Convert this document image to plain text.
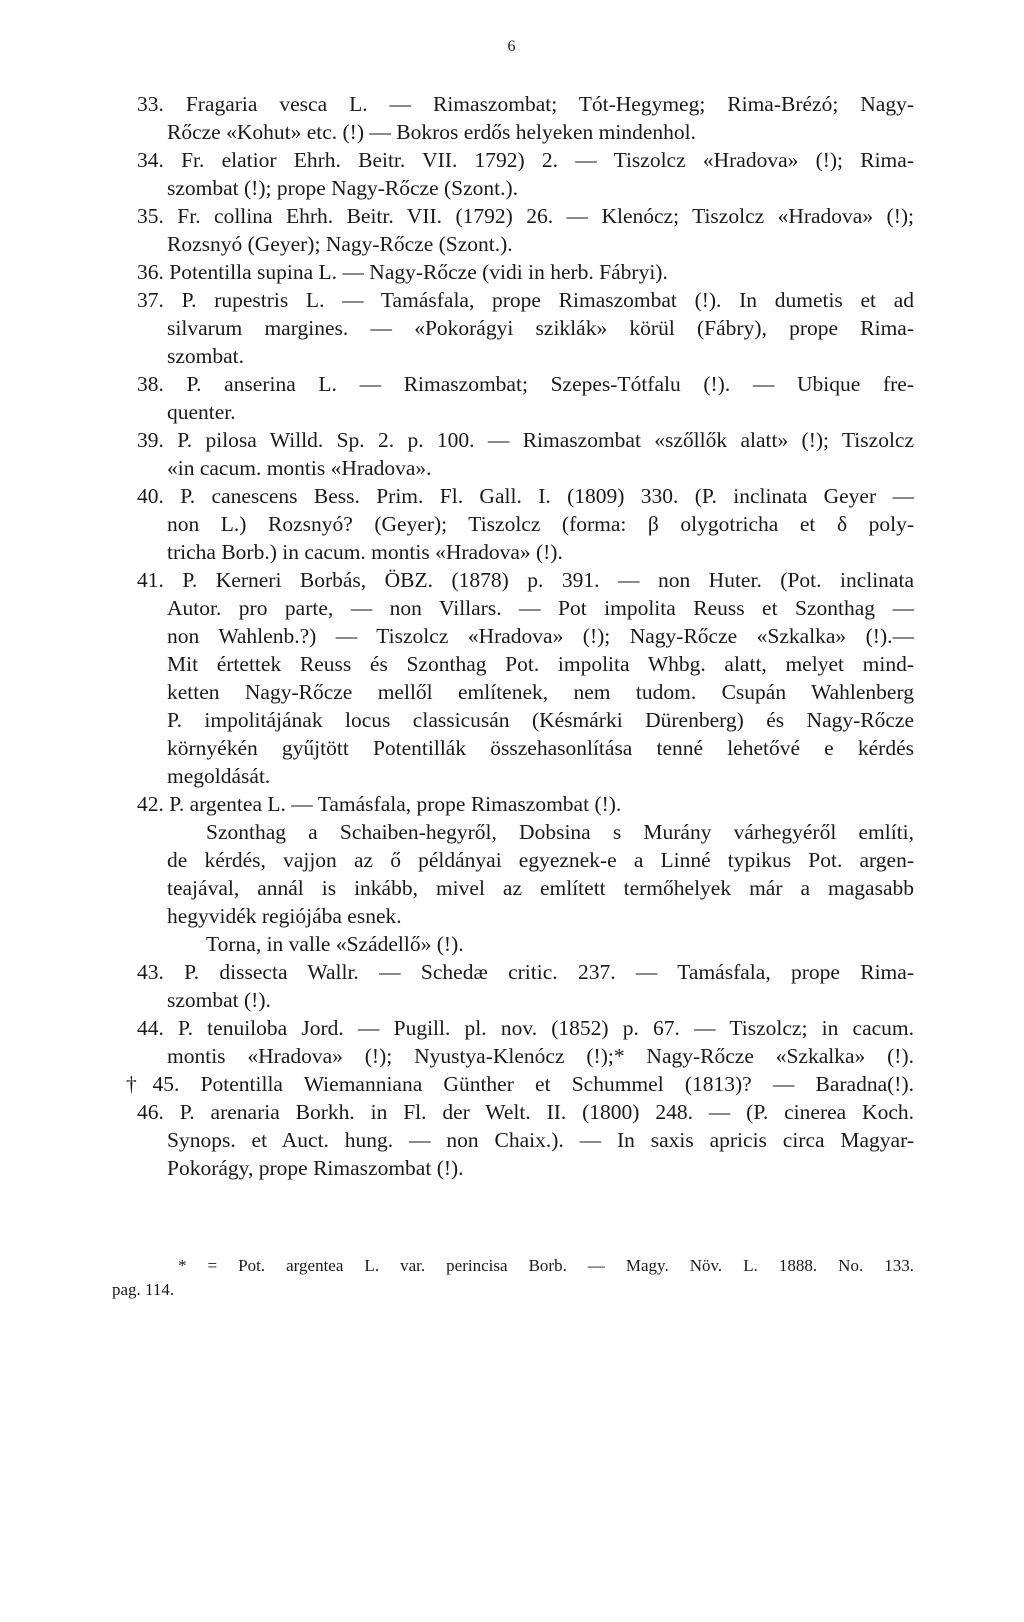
6
33. Fragaria vesca L. — Rimaszombat; Tót-Hegymeg; Rima-Brézó; Nagy-
Rőcze «Kohut» etc. (!) — Bokros erdős helyeken mindenhol.
34. Fr. elatior Ehrh. Beitr. VII. 1792) 2. — Tiszolcz «Hradova» (!); Rima-
szombat (!); prope Nagy-Rőcze (Szont.).
35. Fr. collina Ehrh. Beitr. VII. (1792) 26. — Klenócz; Tiszolcz «Hradova» (!);
Rozsnyó (Geyer); Nagy-Rőcze (Szont.).
36. Potentilla supina L. — Nagy-Rőcze (vidi in herb. Fábryi).
37. P. rupestris L. — Tamásfala, prope Rimaszombat (!). In dumetis et ad
silvarum margines. — «Pokorágyi sziklák» körül (Fábry), prope Rima-
szombat.
38. P. anserina L. — Rimaszombat; Szepes-Tótfalu (!). — Ubique fre-
quenter.
39. P. pilosa Willd. Sp. 2. p. 100. — Rimaszombat «szőllők alatt» (!); Tiszolcz
«in cacum. montis «Hradova».
40. P. canescens Bess. Prim. Fl. Gall. I. (1809) 330. (P. inclinata Geyer —
non L.) Rozsnyó? (Geyer); Tiszolcz (forma: β olygotricha et δ poly-
tricha Borb.) in cacum. montis «Hradova» (!).
41. P. Kerneri Borbás, ÖBZ. (1878) p. 391. — non Huter. (Pot. inclinata
Autor. pro parte, — non Villars. — Pot impolita Reuss et Szonthag —
non Wahlenb.?) — Tiszolcz «Hradova» (!); Nagy-Rőcze «Szkalka» (!).—
Mit értettek Reuss és Szonthag Pot. impolita Whbg. alatt, melyet mind-
ketten Nagy-Rőcze mellől említenek, nem tudom. Csupán Wahlenberg
P. impolitájának locus classicusán (Késmárki Dürenberg) és Nagy-Rőcze
környékén gyűjtött Potentillák összehasonlítása tenné lehetővé e kérdés
megoldását.
42. P. argentea L. — Tamásfala, prope Rimaszombat (!).
Szonthag a Schaiben-hegyről, Dobsina s Murány várhegyéről említi,
de kérdés, vajjon az ő példányai egyeznek-e a Linné typikus Pot. argen-
teajával, annál is inkább, mivel az említett termőhelyek már a magasabb
hegyvidék regiójába esnek.
Torna, in valle «Szádellő» (!).
43. P. dissecta Wallr. — Schedæ critic. 237. — Tamásfala, prope Rima-
szombat (!).
44. P. tenuiloba Jord. — Pugill. pl. nov. (1852) p. 67. — Tiszolcz; in cacum.
montis «Hradova» (!); Nyustya-Klenócz (!);* Nagy-Rőcze «Szkalka» (!).
†45. Potentilla Wiemanniana Günther et Schummel (1813)? — Baradna(!).
46. P. arenaria Borkh. in Fl. der Welt. II. (1800) 248. — (P. cinerea Koch.
Synops. et Auct. hung. — non Chaix.). — In saxis apricis circa Magyar-
Pokorágy, prope Rimaszombat (!).
* = Pot. argentea L. var. perincisa Borb. — Magy. Növ. L. 1888. No. 133.
pag. 114.
